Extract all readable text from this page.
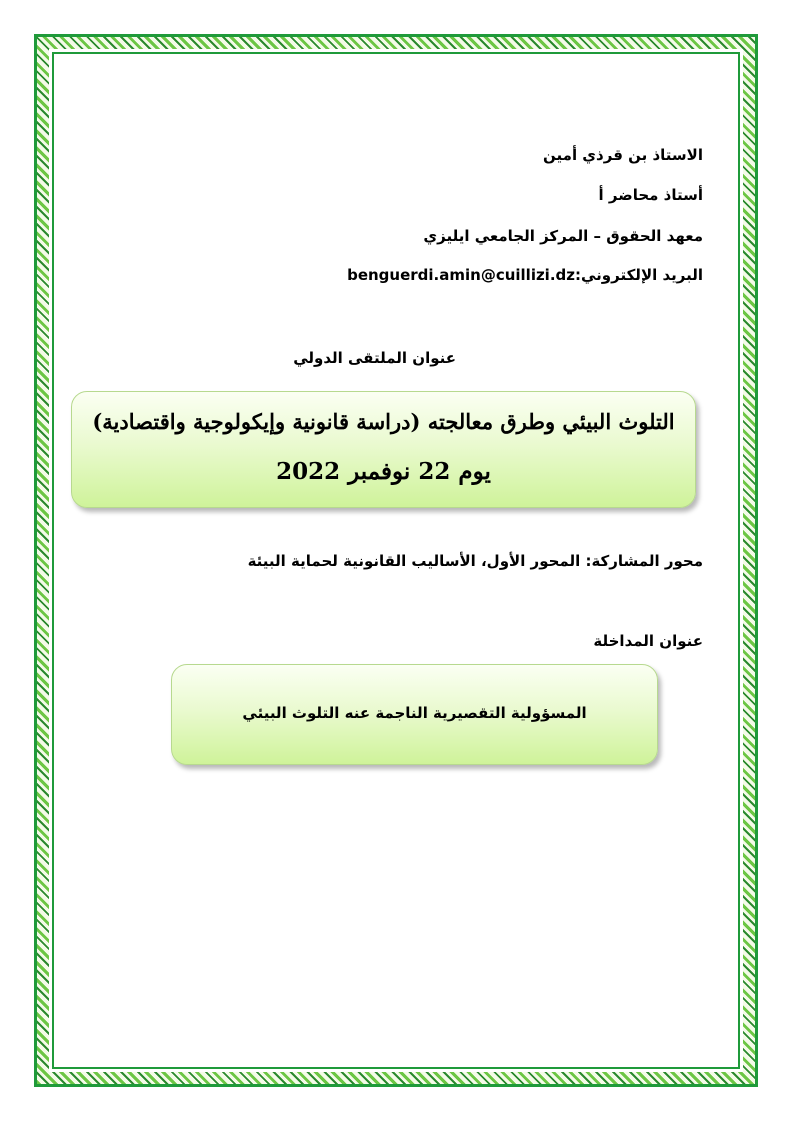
الاستاذ بن قرذي أمين
أستاذ محاضر أ
معهد الحقوق – المركز الجامعي ايليزي
البريد الإلكتروني:benguerdi.amin@cuillizi.dz
عنوان الملتقى الدولي
التلوث البيئي وطرق معالجته (دراسة قانونية وإيكولوجية واقتصادية)
يوم 22 نوفمبر 2022
محور المشاركة: المحور الأول، الأساليب القانونية لحماية البيئة
عنوان المداخلة
المسؤولية التقصيرية الناجمة عنه التلوث البيئي
